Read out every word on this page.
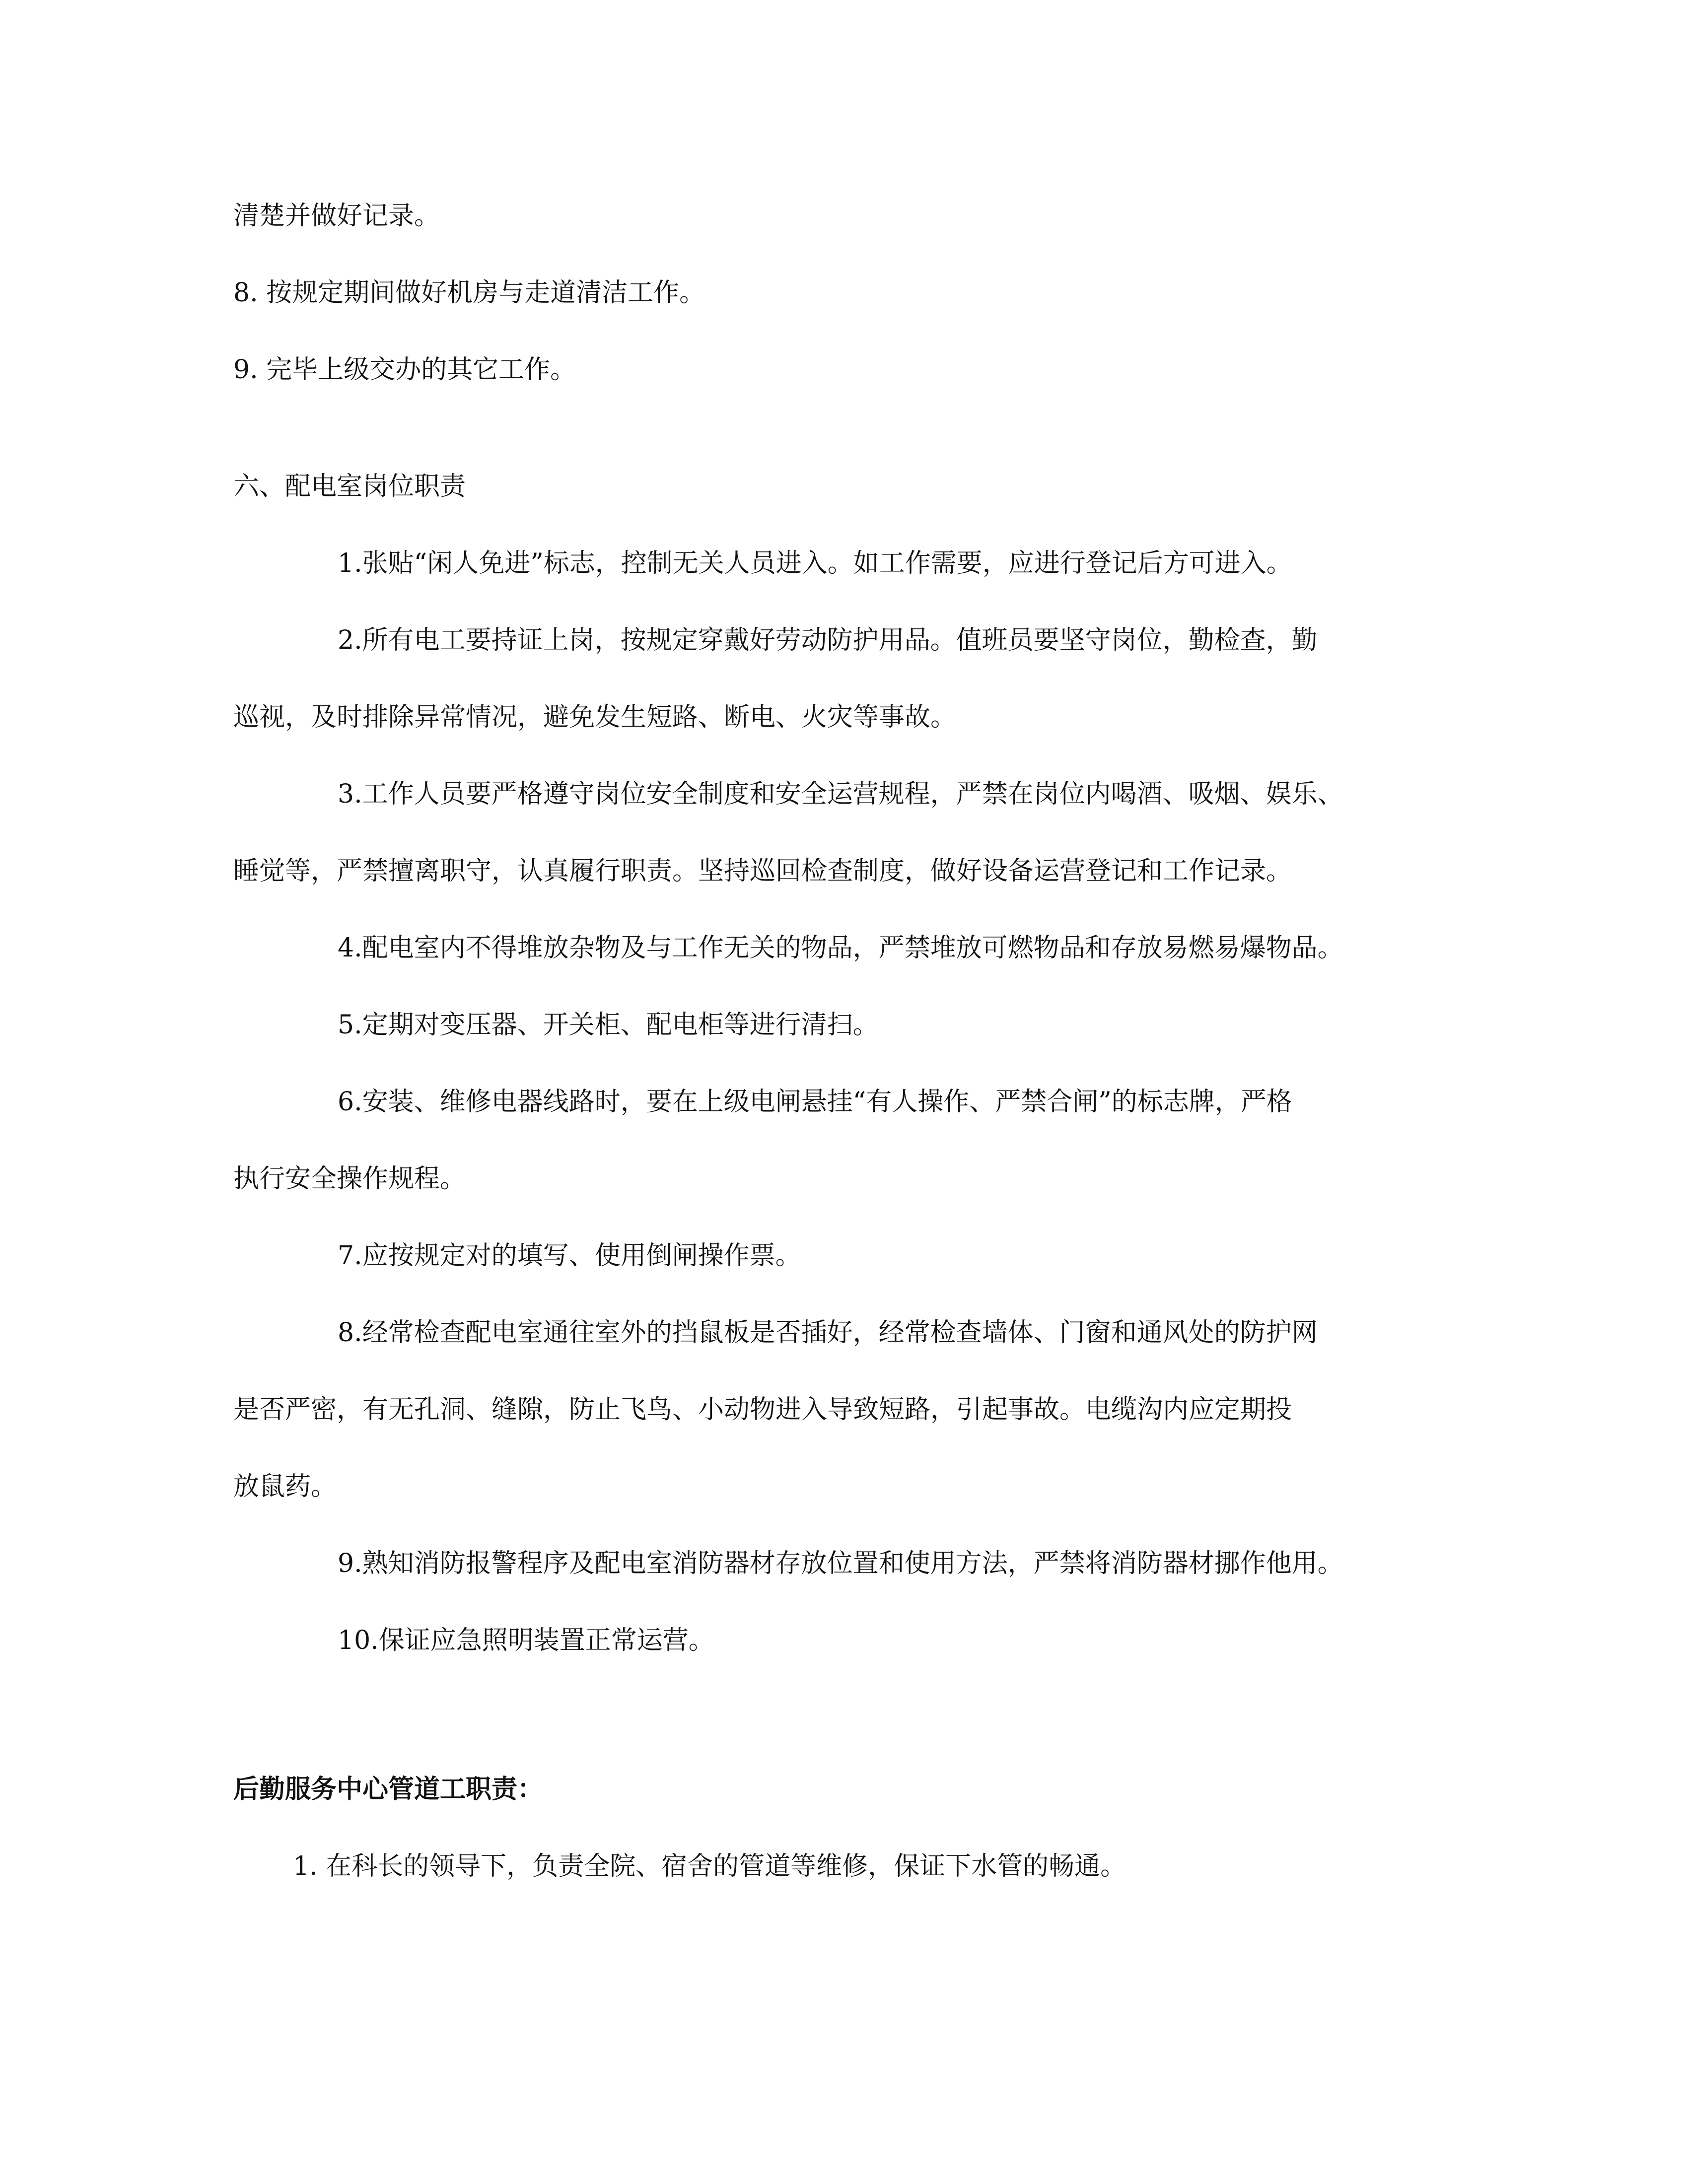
清楚并做好记录。
8. 按规定期间做好机房与走道清洁工作。
9. 完毕上级交办的其它工作。
六、配电室岗位职责
1.张贴“闲人免进”标志，控制无关人员进入。如工作需要，应进行登记后方可进入。
2.所有电工要持证上岗，按规定穿戴好劳动防护用品。值班员要坚守岗位，勤检查，勤
巡视，及时排除异常情况，避免发生短路、断电、火灾等事故。
3.工作人员要严格遵守岗位安全制度和安全运营规程，严禁在岗位内喝酒、吸烟、娱乐、
睡觉等，严禁擅离职守，认真履行职责。坚持巡回检查制度，做好设备运营登记和工作记录。
4.配电室内不得堆放杂物及与工作无关的物品，严禁堆放可燃物品和存放易燃易爆物品。
5.定期对变压器、开关柜、配电柜等进行清扫。
6.安装、维修电器线路时，要在上级电闸悬挂“有人操作、严禁合闸”的标志牌，严格
执行安全操作规程。
7.应按规定对的填写、使用倒闸操作票。
8.经常检查配电室通往室外的挡鼠板是否插好，经常检查墙体、门窗和通风处的防护网
是否严密，有无孔洞、缝隙，防止飞鸟、小动物进入导致短路，引起事故。电缆沟内应定期投
放鼠药。
9.熟知消防报警程序及配电室消防器材存放位置和使用方法，严禁将消防器材挪作他用。
10.保证应急照明装置正常运营。
后勤服务中心管道工职责：
1. 在科长的领导下，负责全院、宿舍的管道等维修，保证下水管的畅通。
